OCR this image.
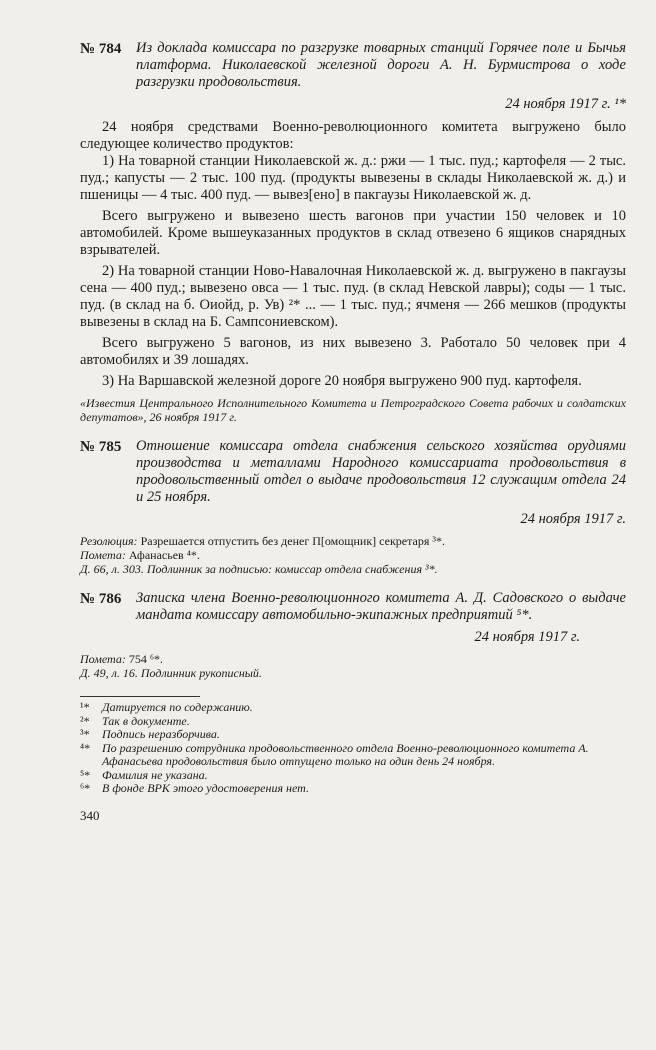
№ 784	Из доклада комиссара по разгрузке товарных станций Горячее поле и Бычья платформа. Николаевской железной дороги А. Н. Бурмистрова о ходе разгрузки продовольствия.

24 ноября 1917 г. ¹*

24 ноября средствами Военно-революционного комитета выгружено было следующее количество продуктов:

1) На товарной станции Николаевской ж. д.: ржи — 1 тыс. пуд.; картофеля — 2 тыс. пуд.; капусты — 2 тыс. 100 пуд. (продукты вывезены в склады Николаевской ж. д.) и пшеницы — 4 тыс. 400 пуд. — вывез[ено] в пакгаузы Николаевской ж. д.

Всего выгружено и вывезено шесть вагонов при участии 150 человек и 10 автомобилей. Кроме вышеуказанных продуктов в склад отвезено 6 ящиков снарядных взрывателей.

2) На товарной станции Ново-Навалочная Николаевской ж. д. выгружено в пакгаузы сена — 400 пуд.; вывезено овса — 1 тыс. пуд. (в склад Невской лавры); соды — 1 тыс. пуд. (в склад на б. Оиойд, р. Ув) ²* ... — 1 тыс. пуд.; ячменя — 266 мешков (продукты вывезены в склад на Б. Сампсониевском).

Всего выгружено 5 вагонов, из них вывезено 3. Работало 50 человек при 4 автомобилях и 39 лошадях.

3) На Варшавской железной дороге 20 ноября выгружено 900 пуд. картофеля.

«Известия Центрального Исполнительного Комитета и Петроградского Совета рабочих и солдатских депутатов», 26 ноября 1917 г.

№ 785	Отношение комиссара отдела снабжения сельского хозяйства орудиями производства и металлами Народного комиссариата продовольствия в продовольственный отдел о выдаче продовольствия 12 служащим отдела 24 и 25 ноября.

24 ноября 1917 г.

Резолюция: Разрешается отпустить без денег П[омощник] секретаря ³*.

Помета: Афанасьев ⁴*.

Д. 66, л. 303. Подлинник за подписью: комиссар отдела снабжения ³*.

№ 786	Записка члена Военно-революционного комитета А. Д. Садовского о выдаче мандата комиссару автомобильно-экипажных предприятий ⁵*.

24 ноября 1917 г.

Помета: 754 ⁶*.

Д. 49, л. 16. Подлинник рукописный.

¹* Датируется по содержанию.

²* Так в документе.

³* Подпись неразборчива.

⁴* По разрешению сотрудника продовольственного отдела Военно-революционного комитета А. Афанасьева продовольствия было отпущено только на один день 24 ноября.

⁵* Фамилия не указана.

⁶* В фонде ВРК этого удостоверения нет.

340
